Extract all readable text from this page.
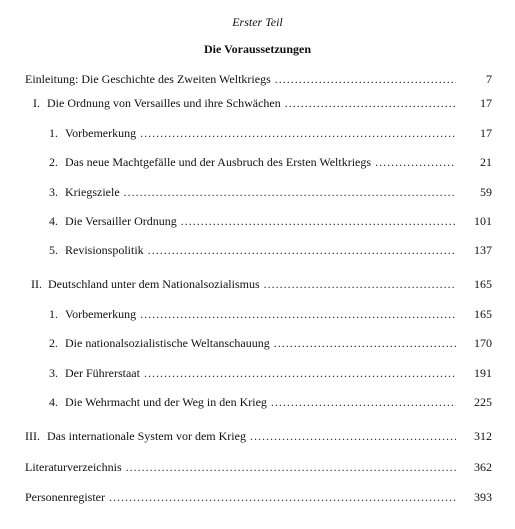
Erster Teil
Die Voraussetzungen
Einleitung: Die Geschichte des Zweiten Weltkriegs . . .	7
I. Die Ordnung von Versailles und ihre Schwächen . . .	17
1. Vorbemerkung . . .	17
2. Das neue Machtgefälle und der Ausbruch des Ersten Weltkriegs . . .	21
3. Kriegsziele . . .	59
4. Die Versailler Ordnung . . .	101
5. Revisionspolitik . . .	137
II. Deutschland unter dem Nationalsozialismus . . .	165
1. Vorbemerkung . . .	165
2. Die nationalsozialistische Weltanschauung . . .	170
3. Der Führerstaat . . .	191
4. Die Wehrmacht und der Weg in den Krieg . . .	225
III. Das internationale System vor dem Krieg . . .	312
Literaturverzeichnis . . .	362
Personenregister . . .	393
